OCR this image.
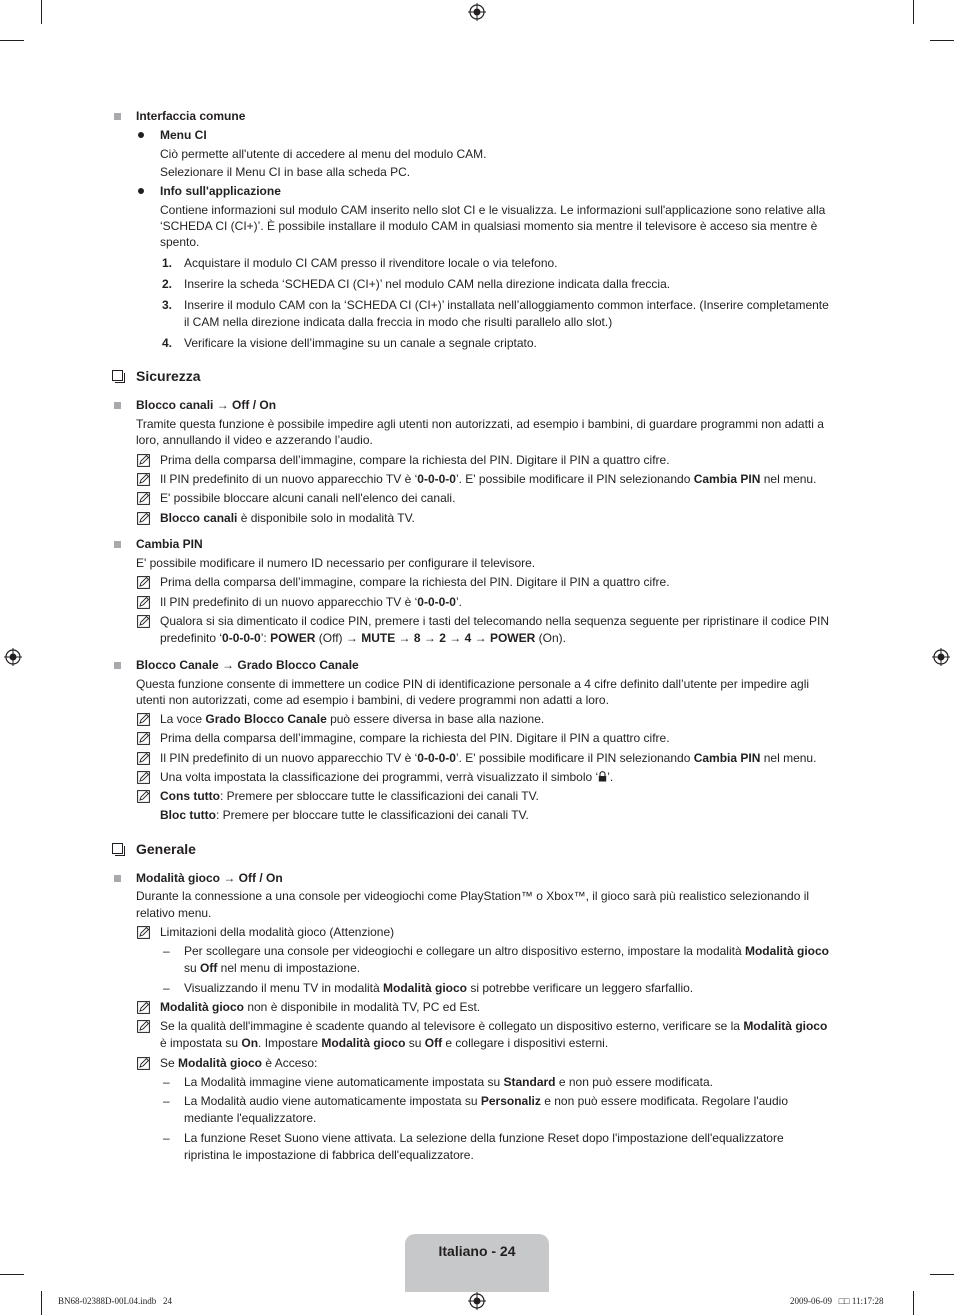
Interfaccia comune
Menu CI
Ciò permette all'utente di accedere al menu del modulo CAM.
Selezionare il Menu CI in base alla scheda PC.
Info sull'applicazione
Contiene informazioni sul modulo CAM inserito nello slot CI e le visualizza. Le informazioni sull'applicazione sono relative alla
‘SCHEDA CI (CI+)’. È possibile installare il modulo CAM in qualsiasi momento sia mentre il televisore è acceso sia mentre è
spento.
1. Acquistare il modulo CI CAM presso il rivenditore locale o via telefono.
2. Inserire la scheda ‘SCHEDA CI (CI+)’ nel modulo CAM nella direzione indicata dalla freccia.
3. Inserire il modulo CAM con la ‘SCHEDA CI (CI+)’ installata nell’alloggiamento common interface. (Inserire completamente
il CAM nella direzione indicata dalla freccia in modo che risulti parallelo allo slot.)
4. Verificare la visione dell’immagine su un canale a segnale criptato.
Sicurezza
Blocco canali → Off / On
Tramite questa funzione è possibile impedire agli utenti non autorizzati, ad esempio i bambini, di guardare programmi non adatti a
loro, annullando il video e azzerando l’audio.
Prima della comparsa dell’immagine, compare la richiesta del PIN. Digitare il PIN a quattro cifre.
Il PIN predefinito di un nuovo apparecchio TV è ‘0-0-0-0’. E' possibile modificare il PIN selezionando Cambia PIN nel menu.
E' possibile bloccare alcuni canali nell'elenco dei canali.
Blocco canali è disponibile solo in modalità TV.
Cambia PIN
E' possibile modificare il numero ID necessario per configurare il televisore.
Prima della comparsa dell’immagine, compare la richiesta del PIN. Digitare il PIN a quattro cifre.
Il PIN predefinito di un nuovo apparecchio TV è ‘0-0-0-0’.
Qualora si sia dimenticato il codice PIN, premere i tasti del telecomando nella sequenza seguente per ripristinare il codice PIN
predefinito ‘0-0-0-0’: POWER (Off) → MUTE → 8 → 2 → 4 → POWER (On).
Blocco Canale → Grado Blocco Canale
Questa funzione consente di immettere un codice PIN di identificazione personale a 4 cifre definito dall’utente per impedire agli
utenti non autorizzati, come ad esempio i bambini, di vedere programmi non adatti a loro.
La voce Grado Blocco Canale può essere diversa in base alla nazione.
Prima della comparsa dell’immagine, compare la richiesta del PIN. Digitare il PIN a quattro cifre.
Il PIN predefinito di un nuovo apparecchio TV è ‘0-0-0-0’. E' possibile modificare il PIN selezionando Cambia PIN nel menu.
Una volta impostata la classificazione dei programmi, verrà visualizzato il simbolo ‘ ’.
Cons tutto: Premere per sbloccare tutte le classificazioni dei canali TV.
Bloc tutto: Premere per bloccare tutte le classificazioni dei canali TV.
Generale
Modalità gioco → Off / On
Durante la connessione a una console per videogiochi come PlayStation™ o Xbox™, il gioco sarà più realistico selezionando il
relativo menu.
Limitazioni della modalità gioco (Attenzione)
– Per scollegare una console per videogiochi e collegare un altro dispositivo esterno, impostare la modalità Modalità gioco
su Off nel menu di impostazione.
– Visualizzando il menu TV in modalità Modalità gioco si potrebbe verificare un leggero sfarfallio.
Modalità gioco non è disponibile in modalità TV, PC ed Est.
Se la qualità dell'immagine è scadente quando al televisore è collegato un dispositivo esterno, verificare se la Modalità gioco
è impostata su On. Impostare Modalità gioco su Off e collegare i dispositivi esterni.
Se Modalità gioco è Acceso:
– La Modalità immagine viene automaticamente impostata su Standard e non può essere modificata.
– La Modalità audio viene automaticamente impostata su Personaliz e non può essere modificata. Regolare l'audio
mediante l'equalizzatore.
– La funzione Reset Suono viene attivata. La selezione della funzione Reset dopo l'impostazione dell'equalizzatore
ripristina le impostazione di fabbrica dell'equalizzatore.
Italiano - 24
BN68-02388D-00L04.indb   24	2009-06-09   □□ 11:17:28
